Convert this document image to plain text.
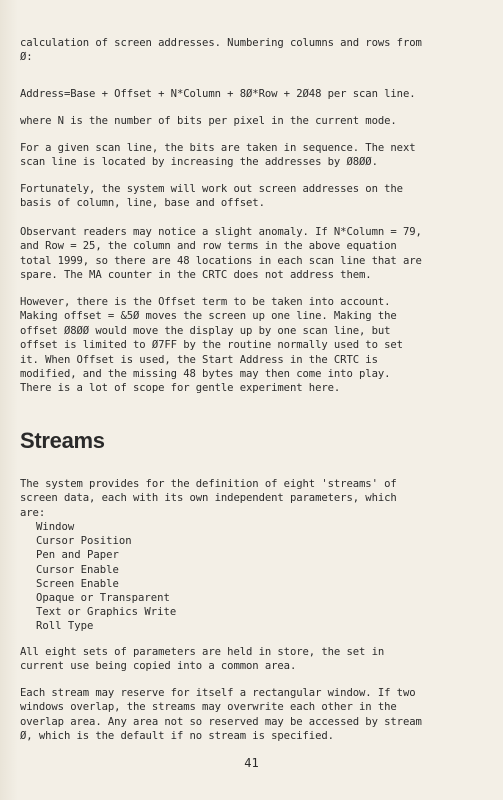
calculation of screen addresses. Numbering columns and rows from
Ø:
Address=Base + Offset + N*Column + 8Ø*Row + 2Ø48 per scan line.
where N is the number of bits per pixel in the current mode.
For a given scan line, the bits are taken in sequence. The next
scan line is located by increasing the addresses by Ø8ØØ.
Fortunately, the system will work out screen addresses on the
basis of column, line, base and offset.
Observant readers may notice a slight anomaly. If N*Column = 79,
and Row = 25, the column and row terms in the above equation
total 1999, so there are 48 locations in each scan line that are
spare. The MA counter in the CRTC does not address them.
However, there is the Offset term to be taken into account.
Making offset = &5Ø moves the screen up one line. Making the
offset Ø8ØØ would move the display up by one scan line, but
offset is limited to Ø7FF by the routine normally used to set
it. When Offset is used, the Start Address in the CRTC is
modified, and the missing 48 bytes may then come into play.
There is a lot of scope for gentle experiment here.
Streams
The system provides for the definition of eight 'streams' of
screen data, each with its own independent parameters, which
are:
Window
Cursor Position
Pen and Paper
Cursor Enable
Screen Enable
Opaque or Transparent
Text or Graphics Write
Roll Type
All eight sets of parameters are held in store, the set in
current use being copied into a common area.
Each stream may reserve for itself a rectangular window. If two
windows overlap, the streams may overwrite each other in the
overlap area. Any area not so reserved may be accessed by stream
Ø, which is the default if no stream is specified.
41
